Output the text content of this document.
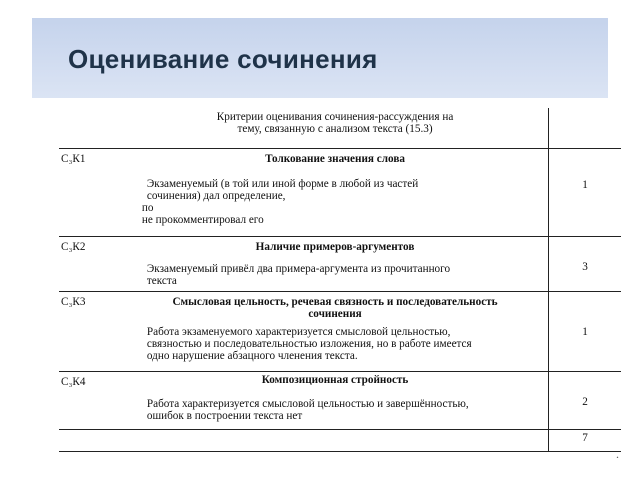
Оценивание сочинения

	Критерии оценивания сочинения-рассуждения на
тему, связанную с анализом текста (15.3)	

С₃К1	Толкование значения слова
Экзаменуемый (в той или иной форме в любой из частей
сочинения) дал определение,
по
не прокомментировал его	1

С₃К2	Наличие примеров-аргументов
Экзаменуемый привёл два примера-аргумента из прочитанного
текста	3

С₃К3	Смысловая цельность, речевая связность и последовательность
сочинения
Работа экзаменуемого характеризуется смысловой цельностью,
связностью и последовательностью изложения, но в работе имеется
одно нарушение абзацного членения текста.	1

С₃К4	Композиционная стройность
Работа характеризуется смысловой цельностью и завершённостью,
ошибок в построении текста нет	2

		7
.
